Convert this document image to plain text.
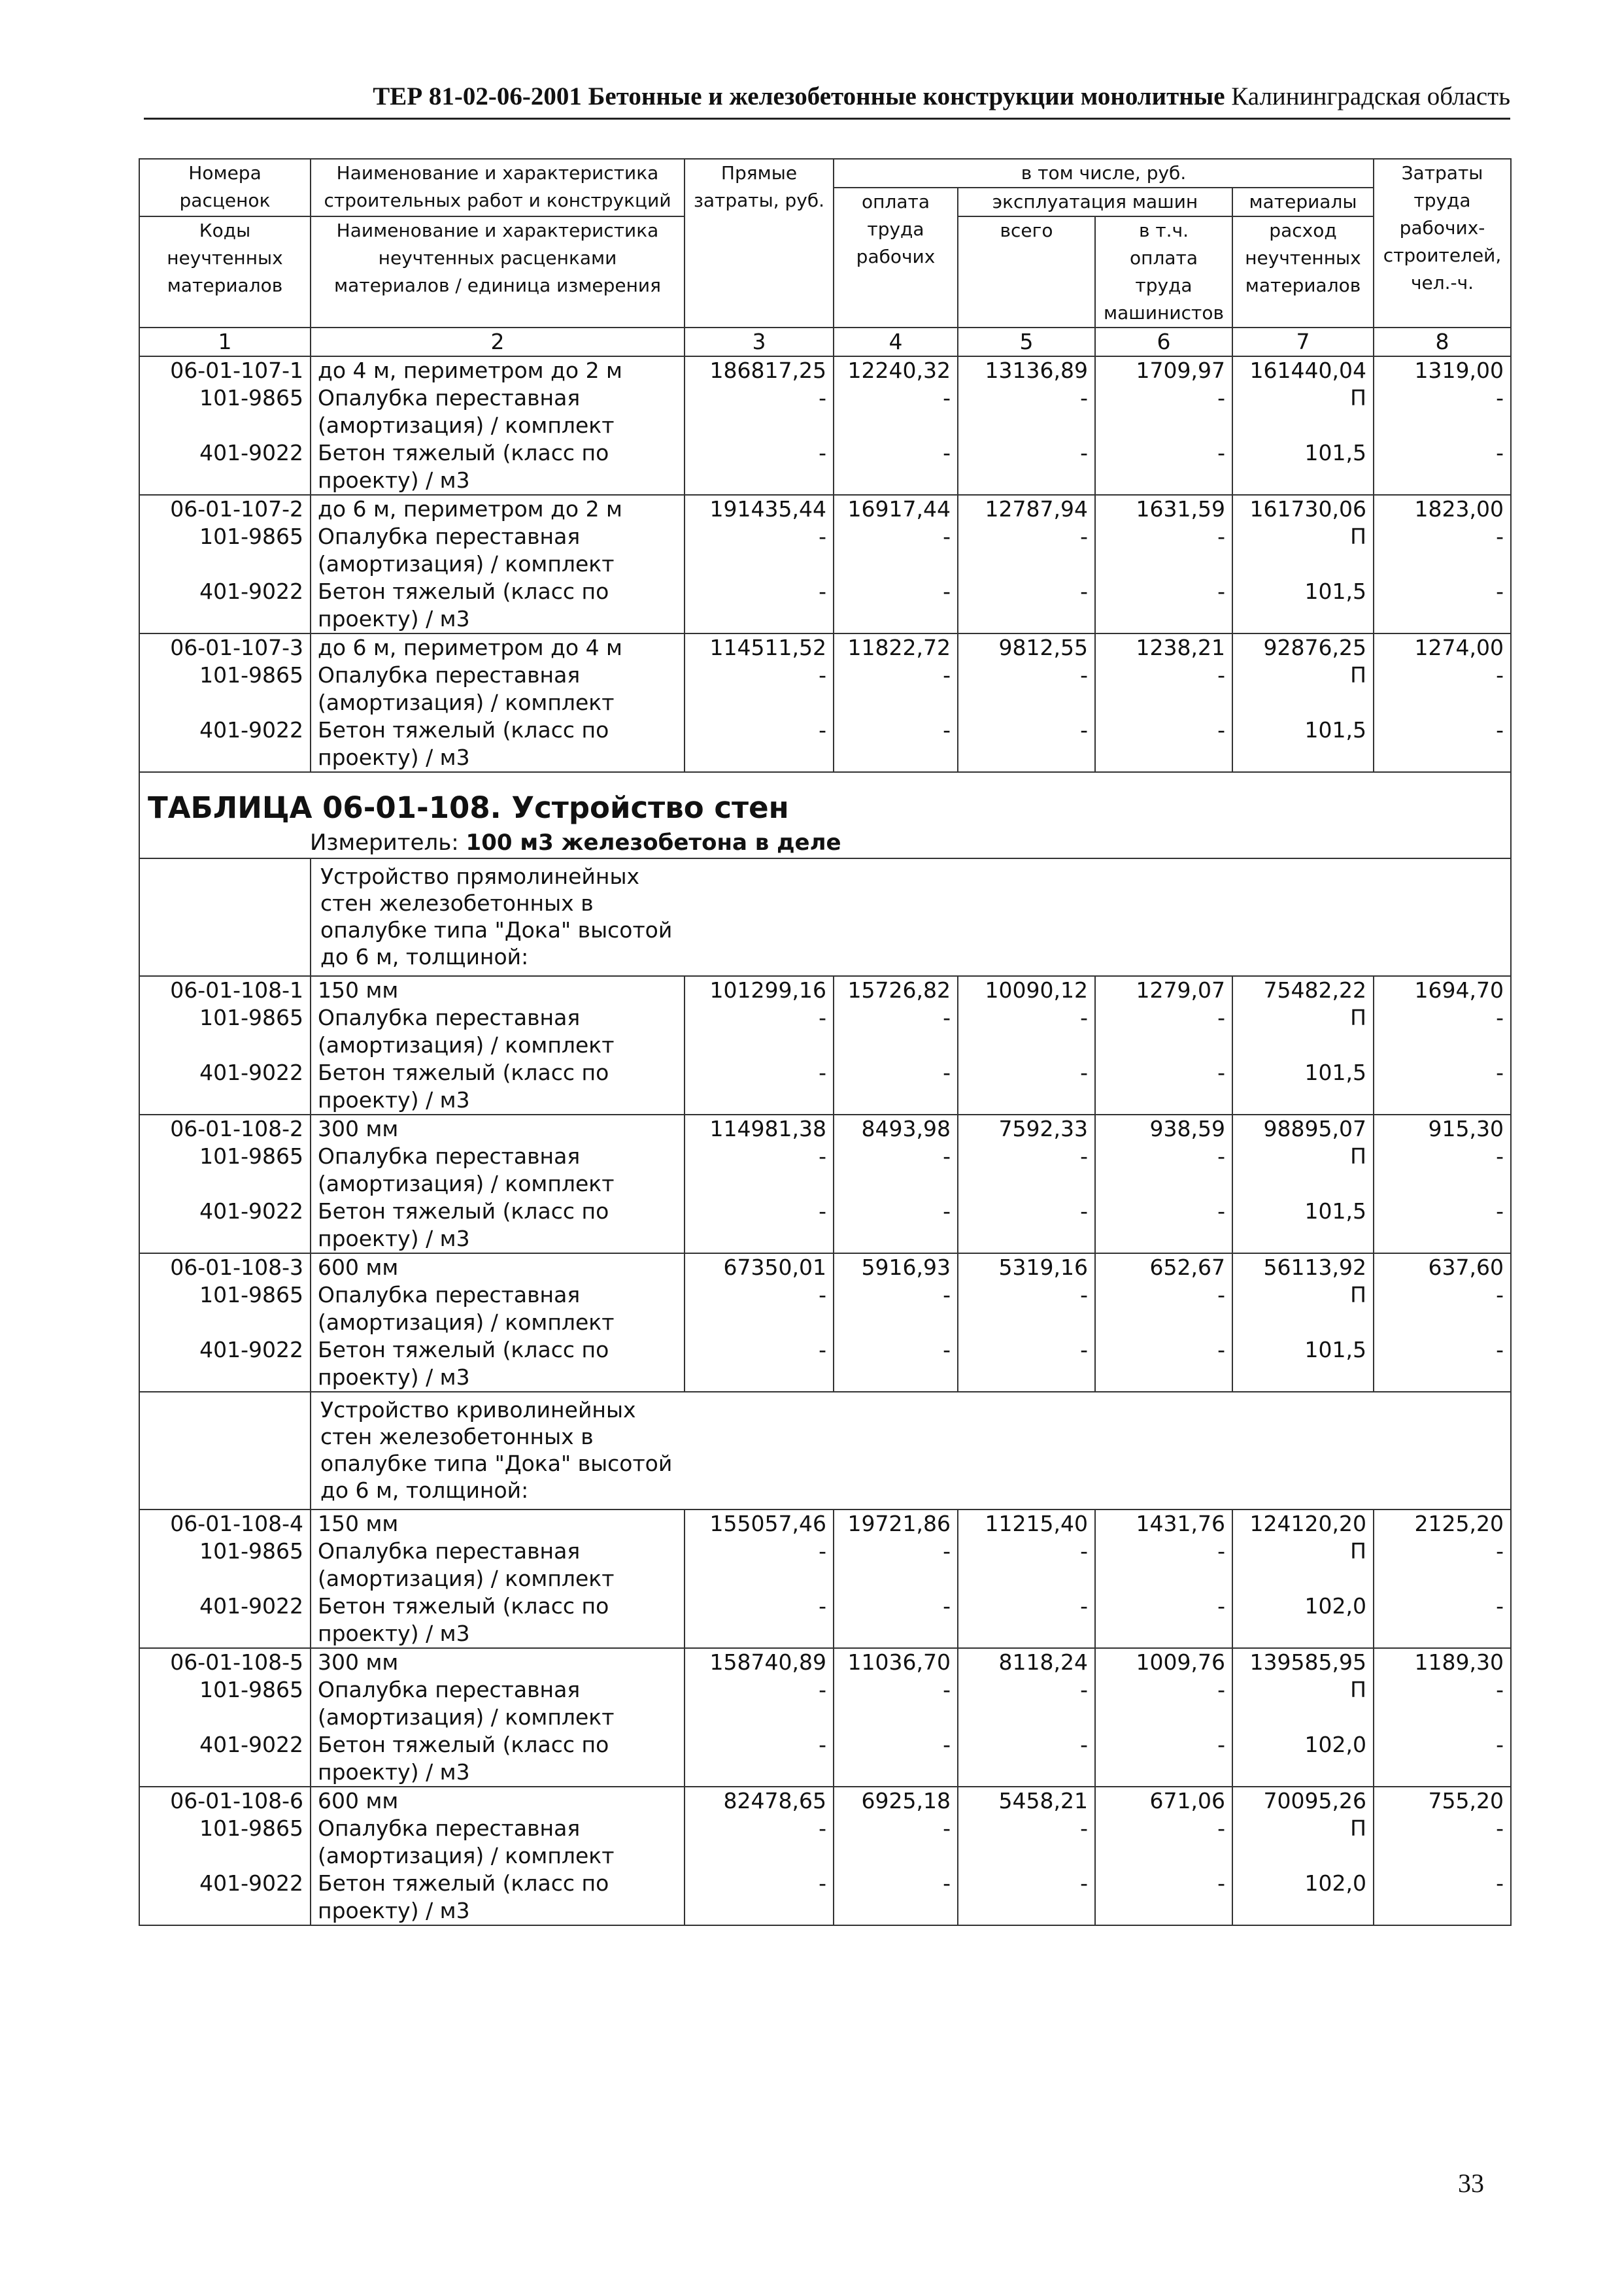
ТЕР 81-02-06-2001 Бетонные и железобетонные конструкции монолитные Калининградская область
Номера расценок	Наименование и характеристика строительных работ и конструкций	Прямые затраты, руб.	в том числе, руб.				Затраты труда рабочих-строителей, чел.-ч.
			оплата труда рабочих	эксплуатация машин		материалы	
Коды неучтенных материалов	Наименование и характеристика неучтенных расценками материалов / единица измерения			всего	в т.ч. оплата труда машинистов	расход неучтенных материалов	

1	2	3	4	5	6	7	8
06-01-107-1	до 4 м, периметром до 2 м	186817,25	12240,32	13136,89	1709,97	161440,04	1319,00
101-9865	Опалубка переставная (амортизация) / комплект	-	-	-	-	П	-
401-9022	Бетон тяжелый (класс по проекту) / м3	-	-	-	-	101,5	-
06-01-107-2	до 6 м, периметром до 2 м	191435,44	16917,44	12787,94	1631,59	161730,06	1823,00
101-9865	Опалубка переставная (амортизация) / комплект	-	-	-	-	П	-
401-9022	Бетон тяжелый (класс по проекту) / м3	-	-	-	-	101,5	-
06-01-107-3	до 6 м, периметром до 4 м	114511,52	11822,72	9812,55	1238,21	92876,25	1274,00
101-9865	Опалубка переставная (амортизация) / комплект	-	-	-	-	П	-
401-9022	Бетон тяжелый (класс по проекту) / м3	-	-	-	-	101,5	-

ТАБЛИЦА 06-01-108. Устройство стен
Измеритель: 100 м3 железобетона в деле							

	Устройство прямолинейных стен железобетонных в опалубке типа "Дока" высотой до 6 м, толщиной:						

06-01-108-1	150 мм	101299,16	15726,82	10090,12	1279,07	75482,22	1694,70
101-9865	Опалубка переставная (амортизация) / комплект	-	-	-	-	П	-
401-9022	Бетон тяжелый (класс по проекту) / м3	-	-	-	-	101,5	-
06-01-108-2	300 мм	114981,38	8493,98	7592,33	938,59	98895,07	915,30
101-9865	Опалубка переставная (амортизация) / комплект	-	-	-	-	П	-
401-9022	Бетон тяжелый (класс по проекту) / м3	-	-	-	-	101,5	-
06-01-108-3	600 мм	67350,01	5916,93	5319,16	652,67	56113,92	637,60
101-9865	Опалубка переставная (амортизация) / комплект	-	-	-	-	П	-
401-9022	Бетон тяжелый (класс по проекту) / м3	-	-	-	-	101,5	-

	Устройство криволинейных стен железобетонных в опалубке типа "Дока" высотой до 6 м, толщиной:						

06-01-108-4	150 мм	155057,46	19721,86	11215,40	1431,76	124120,20	2125,20
101-9865	Опалубка переставная (амортизация) / комплект	-	-	-	-	П	-
401-9022	Бетон тяжелый (класс по проекту) / м3	-	-	-	-	102,0	-
06-01-108-5	300 мм	158740,89	11036,70	8118,24	1009,76	139585,95	1189,30
101-9865	Опалубка переставная (амортизация) / комплект	-	-	-	-	П	-
401-9022	Бетон тяжелый (класс по проекту) / м3	-	-	-	-	102,0	-
06-01-108-6	600 мм	82478,65	6925,18	5458,21	671,06	70095,26	755,20
101-9865	Опалубка переставная (амортизация) / комплект	-	-	-	-	П	-
401-9022	Бетон тяжелый (класс по проекту) / м3	-	-	-	-	102,0	-
33
